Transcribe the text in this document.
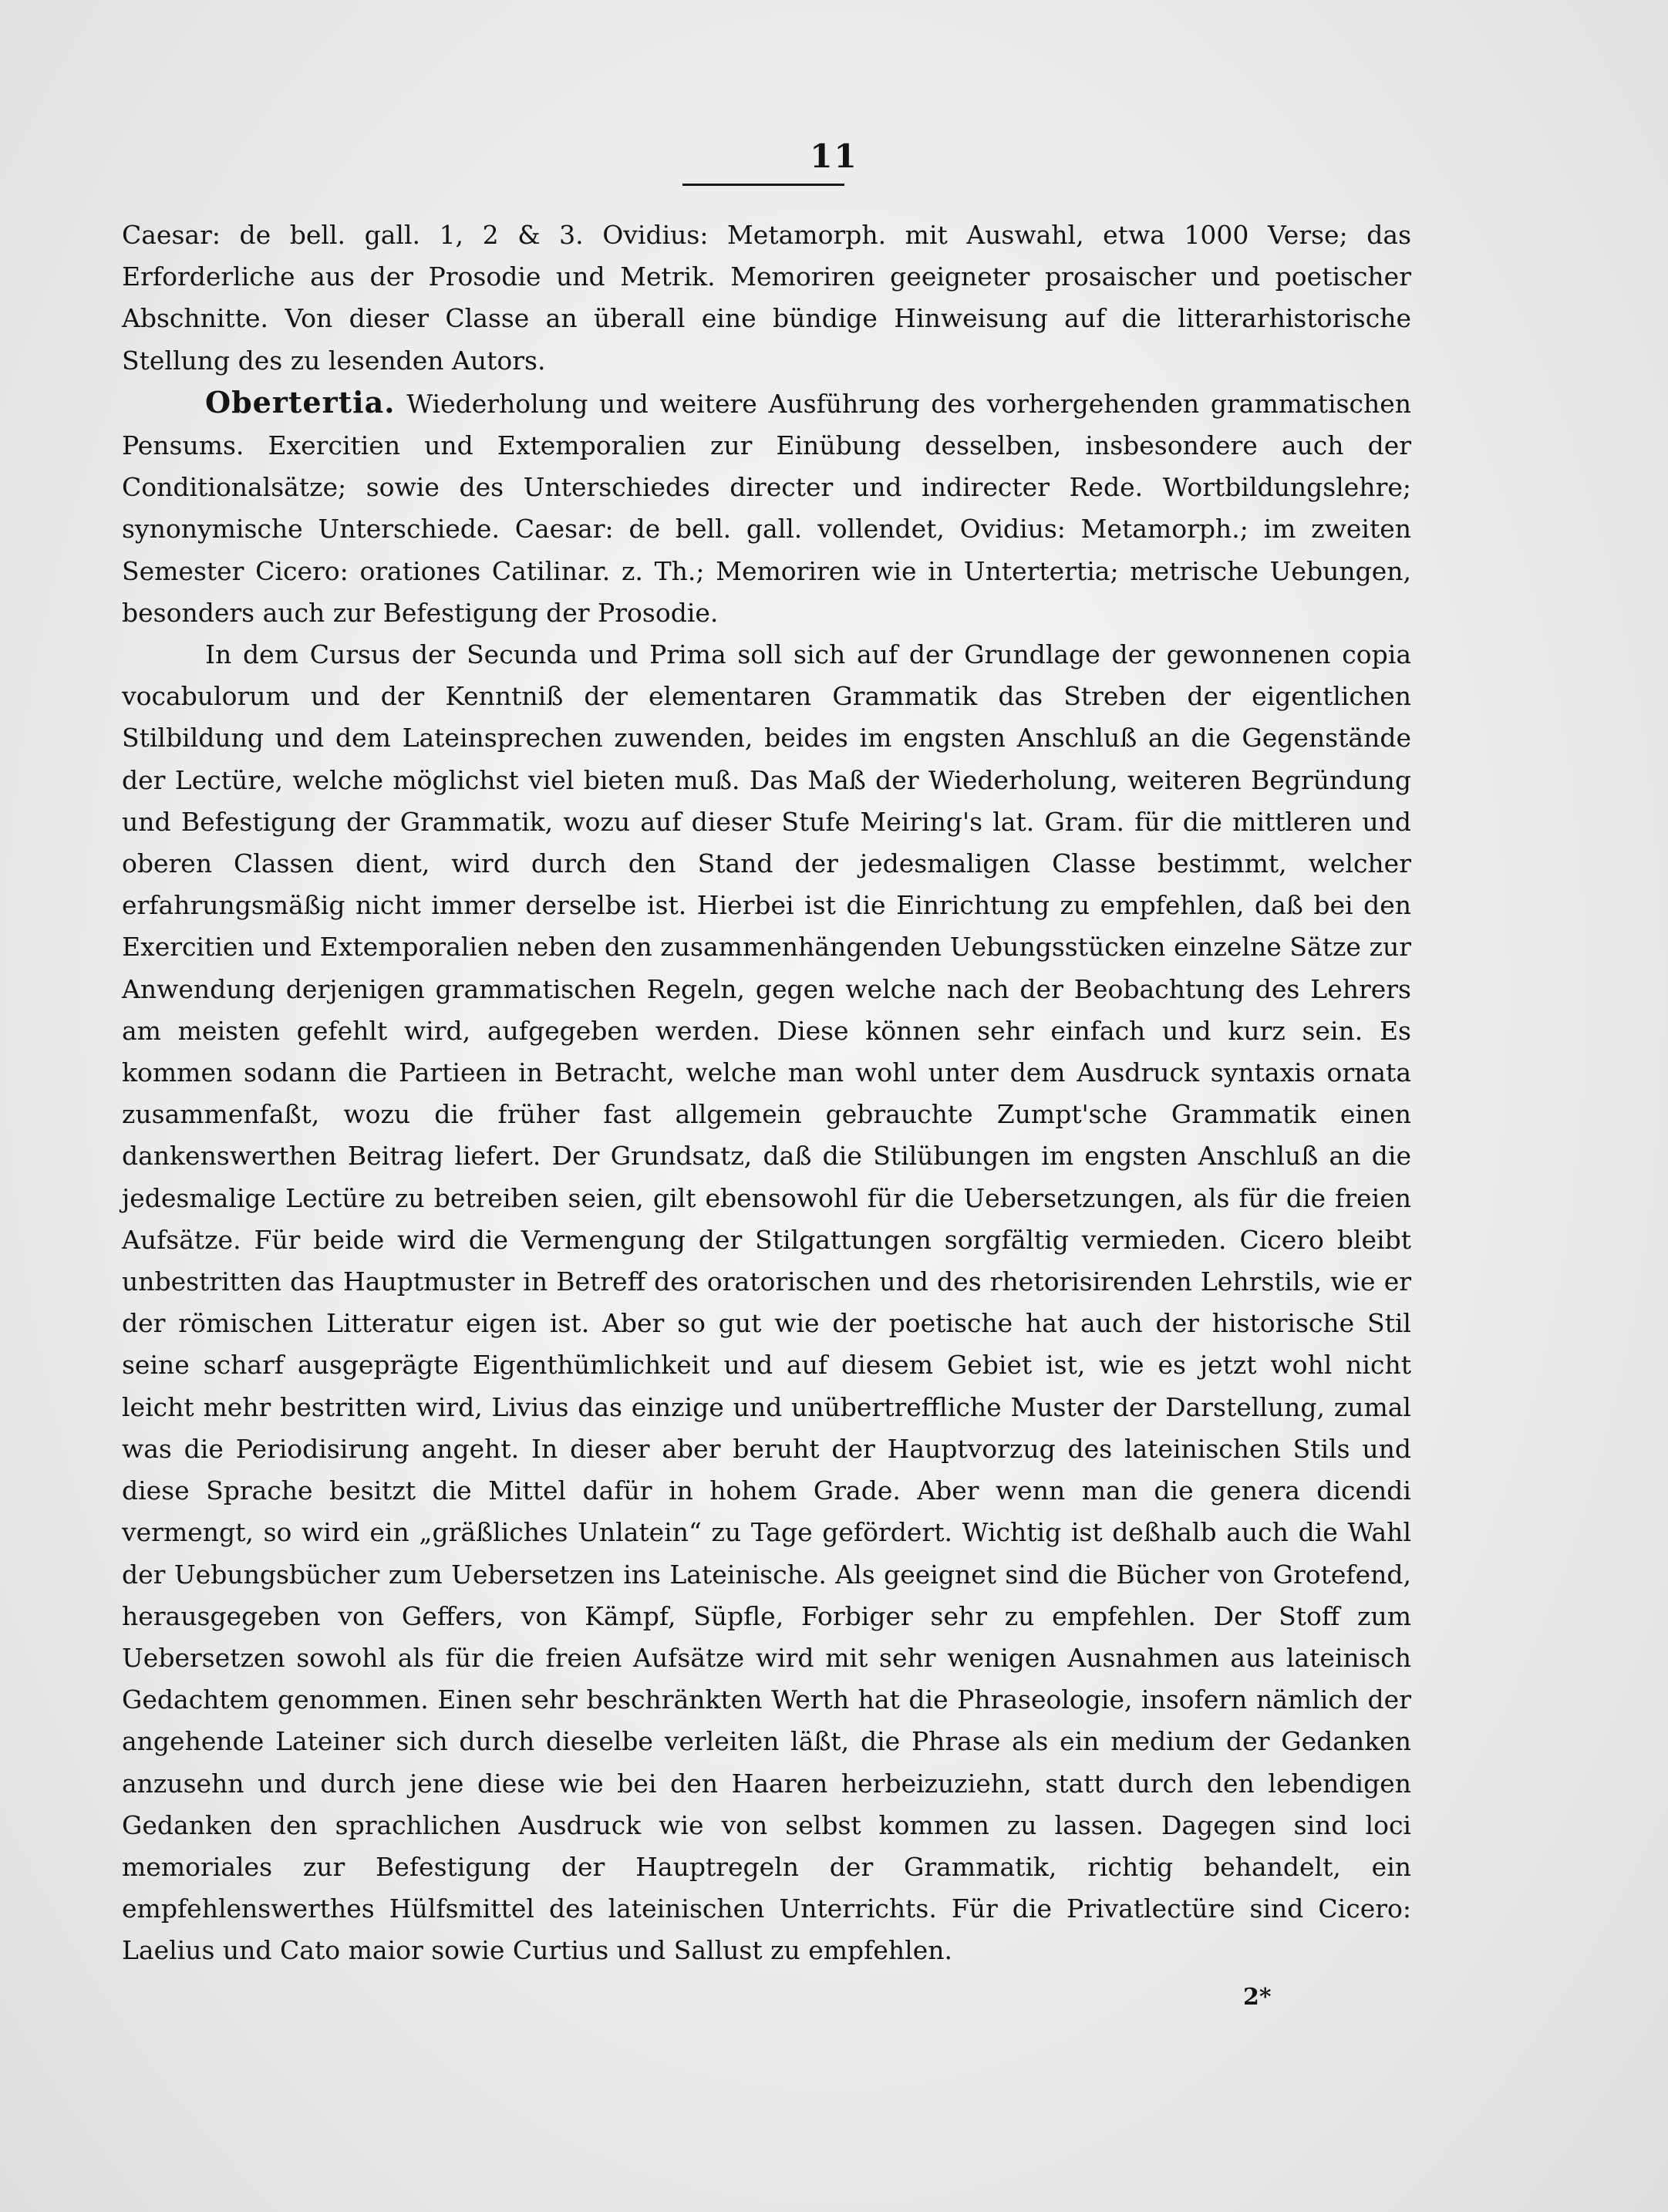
11

Caesar: de bell. gall. 1, 2 & 3. Ovidius: Metamorph. mit Auswahl, etwa 1000 Verse; das Erforderliche aus der Prosodie und Metrik. Memoriren geeigneter prosaischer und poetischer Abschnitte. Von dieser Classe an überall eine bündige Hinweisung auf die litterarhistorische Stellung des zu lesenden Autors.

Obertertia. Wiederholung und weitere Ausführung des vorhergehenden grammatischen Pensums. Exercitien und Extemporalien zur Einübung desselben, insbesondere auch der Conditionalsätze; sowie des Unterschiedes directer und indirecter Rede. Wortbildungslehre; synonymische Unterschiede. Caesar: de bell. gall. vollendet, Ovidius: Metamorph.; im zweiten Semester Cicero: orationes Catilinar. z. Th.; Memoriren wie in Untertertia; metrische Uebungen, besonders auch zur Befestigung der Prosodie.

In dem Cursus der Secunda und Prima soll sich auf der Grundlage der gewonnenen copia vocabulorum und der Kenntniß der elementaren Grammatik das Streben der eigentlichen Stilbildung und dem Lateinsprechen zuwenden, beides im engsten Anschluß an die Gegenstände der Lectüre, welche möglichst viel bieten muß. Das Maß der Wiederholung, weiteren Begründung und Befestigung der Grammatik, wozu auf dieser Stufe Meiring's lat. Gram. für die mittleren und oberen Classen dient, wird durch den Stand der jedesmaligen Classe bestimmt, welcher erfahrungsmäßig nicht immer derselbe ist. Hierbei ist die Einrichtung zu empfehlen, daß bei den Exercitien und Extemporalien neben den zusammenhängenden Uebungsstücken einzelne Sätze zur Anwendung derjenigen grammatischen Regeln, gegen welche nach der Beobachtung des Lehrers am meisten gefehlt wird, aufgegeben werden. Diese können sehr einfach und kurz sein. Es kommen sodann die Partieen in Betracht, welche man wohl unter dem Ausdruck syntaxis ornata zusammenfaßt, wozu die früher fast allgemein gebrauchte Zumpt'sche Grammatik einen dankenswerthen Beitrag liefert. Der Grundsatz, daß die Stilübungen im engsten Anschluß an die jedesmalige Lectüre zu betreiben seien, gilt ebensowohl für die Uebersetzungen, als für die freien Aufsätze. Für beide wird die Vermengung der Stilgattungen sorgfältig vermieden. Cicero bleibt unbestritten das Hauptmuster in Betreff des oratorischen und des rhetorisirenden Lehrstils, wie er der römischen Litteratur eigen ist. Aber so gut wie der poetische hat auch der historische Stil seine scharf ausgeprägte Eigenthümlichkeit und auf diesem Gebiet ist, wie es jetzt wohl nicht leicht mehr bestritten wird, Livius das einzige und unübertreffliche Muster der Darstellung, zumal was die Periodisirung angeht. In dieser aber beruht der Hauptvorzug des lateinischen Stils und diese Sprache besitzt die Mittel dafür in hohem Grade. Aber wenn man die genera dicendi vermengt, so wird ein „gräßliches Unlatein“ zu Tage gefördert. Wichtig ist deßhalb auch die Wahl der Uebungsbücher zum Uebersetzen ins Lateinische. Als geeignet sind die Bücher von Grotefend, herausgegeben von Geffers, von Kämpf, Süpfle, Forbiger sehr zu empfehlen. Der Stoff zum Uebersetzen sowohl als für die freien Aufsätze wird mit sehr wenigen Ausnahmen aus lateinisch Gedachtem genommen. Einen sehr beschränkten Werth hat die Phraseologie, insofern nämlich der angehende Lateiner sich durch dieselbe verleiten läßt, die Phrase als ein medium der Gedanken anzusehn und durch jene diese wie bei den Haaren herbeizuziehn, statt durch den lebendigen Gedanken den sprachlichen Ausdruck wie von selbst kommen zu lassen. Dagegen sind loci memoriales zur Befestigung der Hauptregeln der Grammatik, richtig behandelt, ein empfehlenswerthes Hülfsmittel des lateinischen Unterrichts. Für die Privatlectüre sind Cicero: Laelius und Cato maior sowie Curtius und Sallust zu empfehlen.

2*
